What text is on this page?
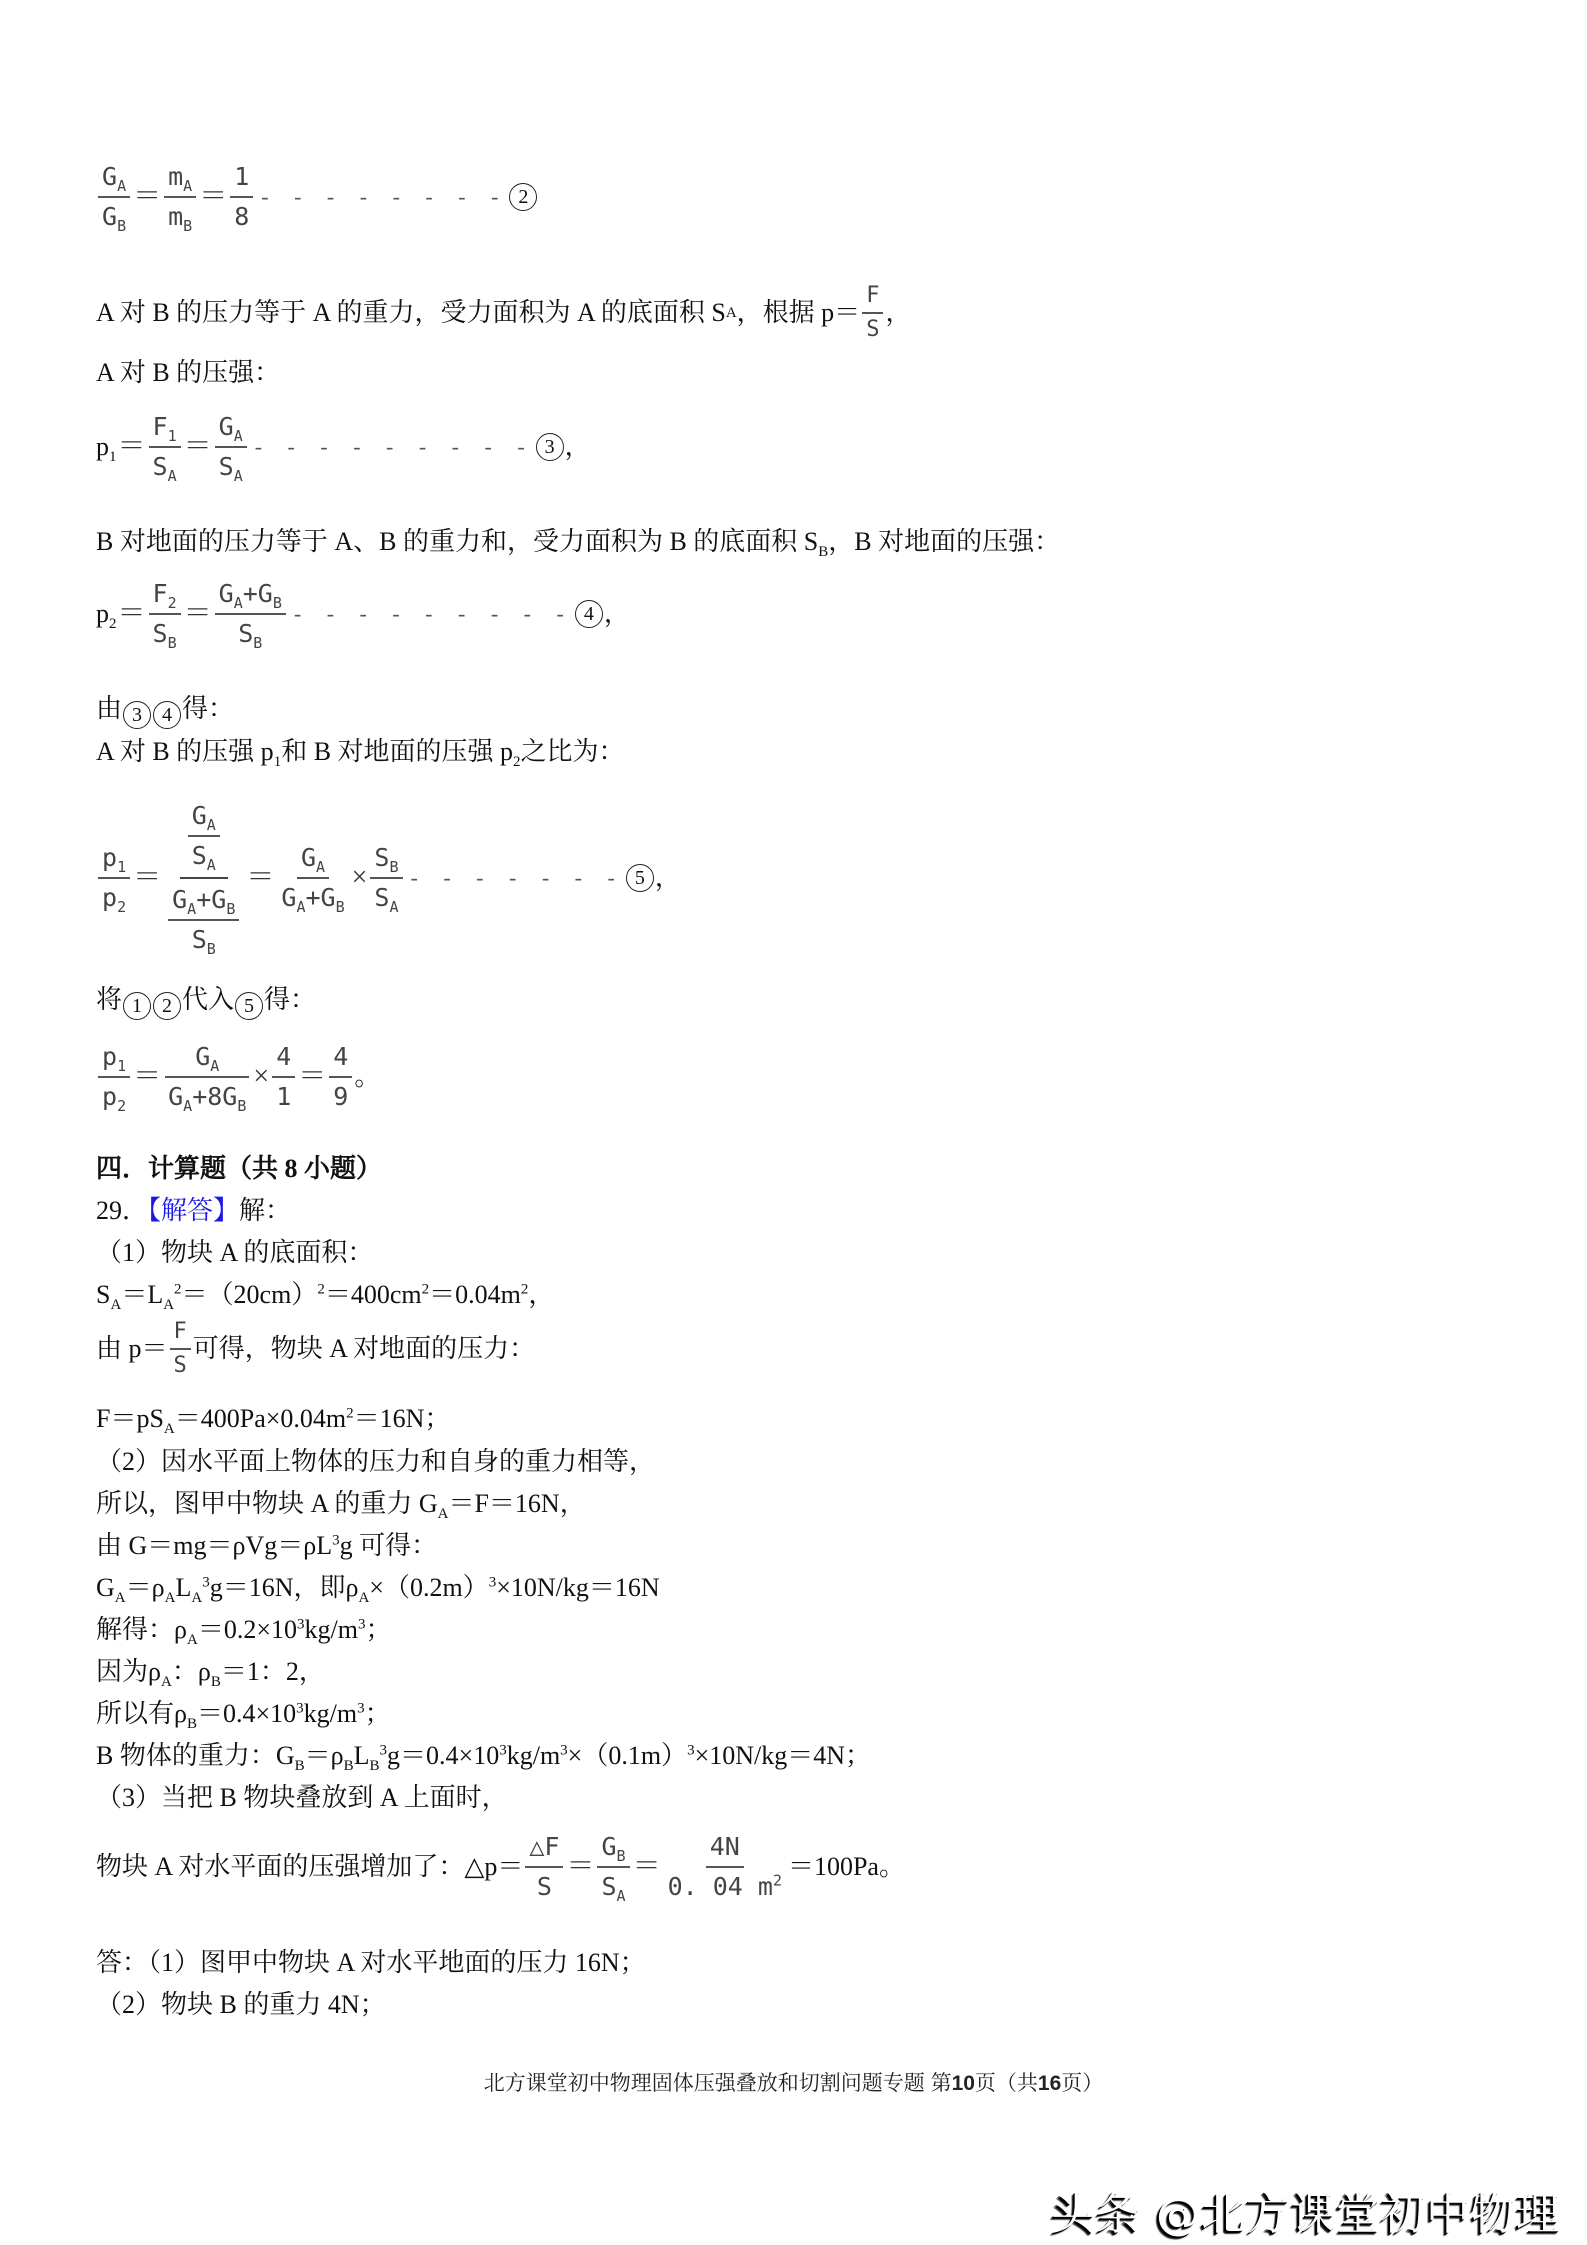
$\frac{G_A}{G_B} = \frac{m_A}{m_B} = \frac{1}{8}$ - - - - - - - - 2
A 对 B 的压力等于 A 的重力，受力面积为 A 的底面积 S A ，根据 $p= \frac{F}{S}$ ，
A 对 B 的压强：
$p_1 = \frac{F_1}{S_A} = \frac{G_A}{S_A}$ - - - - - - - - - 3 ，
B 对地面的压力等于 A、B 的重力和，受力面积为 B 的底面积 $S_B$，B 对地面的压强：
$p_2 = \frac{F_2}{S_B} = \frac{G_A+G_B}{S_B}$ - - - - - - - - - 4 ，
由 3 4 得：
A 对 B 的压强 $p_1$和 B 对地面的压强 $p_2$之比为：
$\frac{p_1}{p_2} = \frac{\frac{G_A}{S_A}}{\frac{G_A+G_B}{S_B}} = \frac{G_A}{G_A+G_B} \times \frac{S_B}{S_A}$ - - - - - - - 5 ，
将 1 2 代入 5 得：
$\frac{p_1}{p_2} = \frac{G_A}{G_A+8G_B} \times \frac{4}{1} = \frac{4}{9}$ 。
四．计算题（共 8 小题）
29．【解答】解：
（1）物块 A 的底面积：
$S_A=L_A^2=(20cm)^2=400cm^2=0.04m^2$，
由 $p= \frac{F}{S}$ 可得，物块 A 对地面的压力：
$F=pS_A=400Pa\times 0.04m^2=16N$；
（2）因水平面上物体的压力和自身的重力相等，
所以，图甲中物块 A 的重力 $G_A=F=16N$，
由 $G=mg=\rho Vg=\rho L^3g$ 可得：
$G_A=\rho_AL_A^3g=16N$，即$\rho_A\times(0.2m)^3\times 10N/kg=16N$
解得：$\rho_A=0.2\times 10^3kg/m^3$；
因为$\rho_A$：$\rho_B=1$：2，
所以有$\rho_B=0.4\times 10^3kg/m^3$；
B 物体的重力：$G_B=\rho_BL_B^3g=0.4\times 10^3kg/m^3\times(0.1m)^3\times 10N/kg=4N$；
（3）当把 B 物块叠放到 A 上面时，
物块 A 对水平面的压强增加了：△p＝ $\frac{\triangle F}{S} = \frac{G_B}{S_A} = \frac{4N}{0. 04 m^2} =100Pa$。
答：（1）图甲中物块 A 对水平地面的压力 16N；
（2）物块 B 的重力 4N；
北方课堂初中物理固体压强叠放和切割问题专题 第10页（共16页）
头条 @北方课堂初中物理
